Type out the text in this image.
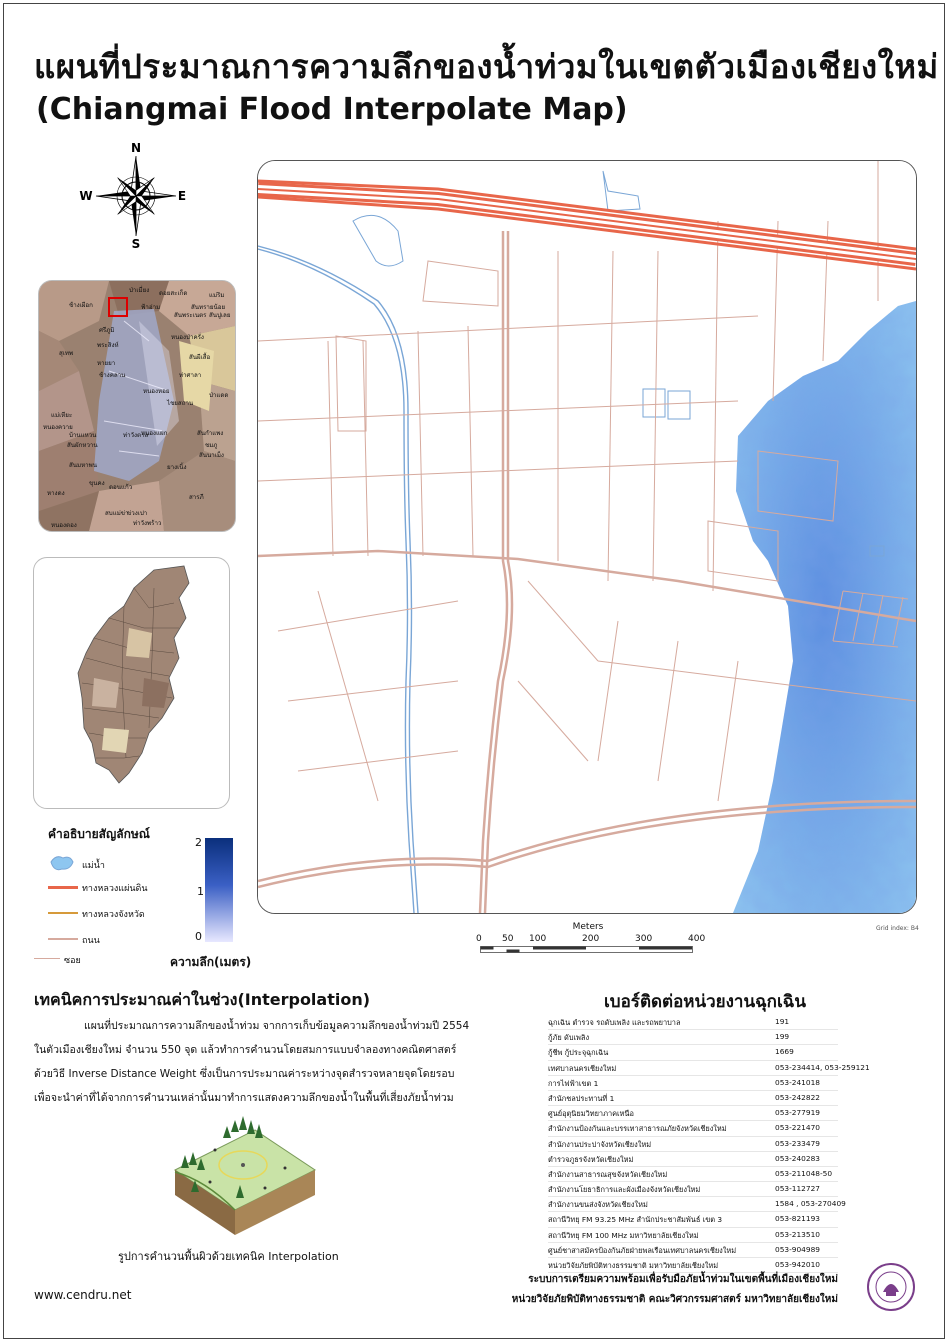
แผนที่ประมาณการความลึกของน้ำท่วมในเขตตัวเมืองเชียงใหม่
(Chiangmai Flood Interpolate Map)
N
S
E
W
ดอยสะเก็ด	แม่ริม
ป่าเมี่ยง
ช้างเผือก	สันทรายน้อย
ฟ้าฮ่าม
สันพระเนตร
ศรีภูมิ
สันปูเลย
พระสิงห์
หนองป่าครั่ง
สุเทพ
ช้างคลาน	ท่าศาลา
สันผีเสื้อ
หายยา
หนองหอย
ไชยสถาน
ป่าแดด
แม่เหียะ
ท่าวังตาล
หนองแฝก
ยางเนิ้ง
สารภี
หนองควาย
บ้านแหวน	สันกำแพง
ขุนคง
หางดง
ชมภู
หนองตอง
สบแม่ข่า
สันผักหวาน
ดอนแก้ว
ข่วงเปา
สันนาเม็ง
สันมหาพน
ท่าวังพร้าว
คำอธิบายสัญลักษณ์
แม่น้ำ
ทางหลวงแผ่นดิน
ทางหลวงจังหวัด
ถนน
ซอย
2
1
0
ความลึก(เมตร)
Meters
0 50 100	200	300	400
Grid index: B4
เทคนิคการประมาณค่าในช่วง(Interpolation)

แผนที่ประมาณการความลึกของน้ำท่วม จากการเก็บข้อมูลความลึกของน้ำท่วมปี 2554

ในตัวเมืองเชียงใหม่ จำนวน 550 จุด แล้วทำการคำนวนโดยสมการแบบจำลองทางคณิตศาสตร์

ด้วยวิธี Inverse Distance Weight ซึ่งเป็นการประมาณค่าระหว่างจุดสำรวจหลายจุดโดยรอบ

เพื่อจะนำค่าที่ได้จากการคำนวนเหล่านั้นมาทำการแสดงความลึกของน้ำในพื้นที่เสี่ยงภัยน้ำท่วม

รูปการคำนวนพื้นผิวด้วยเทคนิค Interpolation
เบอร์ติดต่อหน่วยงานฉุกเฉิน
ฉุกเฉิน ตำรวจ รถดับเพลิง และรถพยาบาล	191
กู้ภัย ดับเพลิง	199
กู้ชีพ กู้ประจุฉุกเฉิน	1669
เทศบาลนครเชียงใหม่	053-234414, 053-259121
การไฟฟ้าเขต 1	053-241018
สำนักชลประทานที่ 1	053-242822
ศูนย์อุตุนิยมวิทยาภาคเหนือ	053-277919
สำนักงานป้องกันและบรรเทาสาธารณภัยจังหวัดเชียงใหม่	053-221470
สำนักงานประปาจังหวัดเชียงใหม่	053-233479
ตำรวจภูธรจังหวัดเชียงใหม่	053-240283
สำนักงานสาธารณสุขจังหวัดเชียงใหม่	053-211048-50
สำนักงานโยธาธิการและผังเมืองจังหวัดเชียงใหม่	053-112727
สำนักงานขนส่งจังหวัดเชียงใหม่	1584 , 053-270409
สถานีวิทยุ FM 93.25 MHz สำนักประชาสัมพันธ์ เขต 3	053-821193
สถานีวิทยุ FM 100 MHz มหาวิทยาลัยเชียงใหม่	053-213510
ศูนย์ชาสาสมัครป้องกันภัยฝ่ายพลเรือนเทศบาลนครเชียงใหม่	053-904989
หน่วยวิจัยภัยพิบัติทางธรรมชาติ มหาวิทยาลัยเชียงใหม่	053-942010
www.cendru.net
ระบบการเตรียมความพร้อมเพื่อรับมือภัยน้ำท่วมในเขตพื้นที่เมืองเชียงใหม่
หน่วยวิจัยภัยพิบัติทางธรรมชาติ คณะวิศวกรรมศาสตร์ มหาวิทยาลัยเชียงใหม่
